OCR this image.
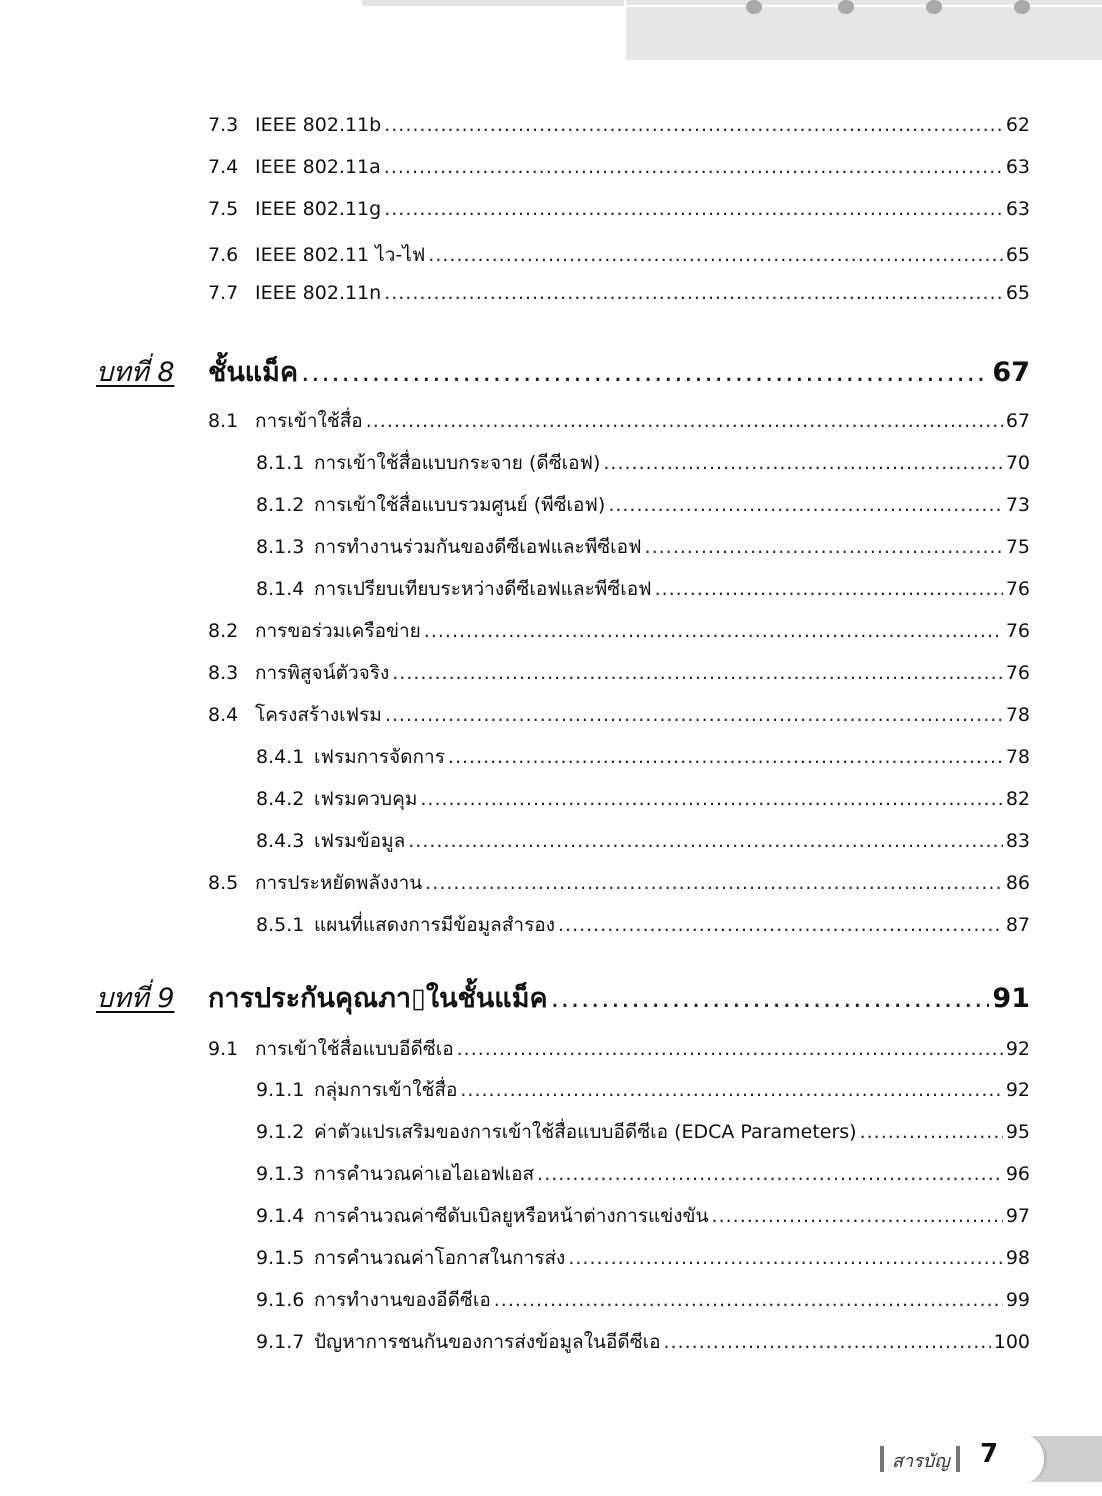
7.3 IEEE 802.11b .....	62
7.4 IEEE 802.11a .....	63
7.5 IEEE 802.11g .....	63
7.6 IEEE 802.11 ไว-ไฟ .....	65
7.7 IEEE 802.11n .....	65
บทที่ 8	ชั้นแม็ค .....	67
8.1 การเข้าใช้สื่อ .....	67
8.1.1 การเข้าใช้สื่อแบบกระจาย (ดีซีเอฟ) .....	70
8.1.2 การเข้าใช้สื่อแบบรวมศูนย์ (พีซีเอฟ) .....	73
8.1.3 การทำงานร่วมกันของดีซีเอฟและพีซีเอฟ .....	75
8.1.4 การเปรียบเทียบระหว่างดีซีเอฟและพีซีเอฟ .....	76
8.2 การขอร่วมเครือข่าย .....	76
8.3 การพิสูจน์ตัวจริง .....	76
8.4 โครงสร้างเฟรม .....	78
8.4.1 เฟรมการจัดการ .....	78
8.4.2 เฟรมควบคุม .....	82
8.4.3 เฟรมข้อมูล .....	83
8.5 การประหยัดพลังงาน .....	86
8.5.1 แผนที่แสดงการมีข้อมูลสำรอง .....	87
บทที่ 9	การประกันคุณภา▯ในชั้นแม็ค .....	91
9.1 การเข้าใช้สื่อแบบอีดีซีเอ .....	92
9.1.1 กลุ่มการเข้าใช้สื่อ .....	92
9.1.2 ค่าตัวแปรเสริมของการเข้าใช้สื่อแบบอีดีซีเอ (EDCA Parameters) .....	95
9.1.3 การคำนวณค่าเอไอเอฟเอส .....	96
9.1.4 การคำนวณค่าซีดับเบิลยูหรือหน้าต่างการแข่งขัน .....	97
9.1.5 การคำนวณค่าโอกาสในการส่ง .....	98
9.1.6 การทำงานของอีดีซีเอ .....	99
9.1.7 ปัญหาการชนกันของการส่งข้อมูลในอีดีซีเอ .....	100
สารบัญ 7
